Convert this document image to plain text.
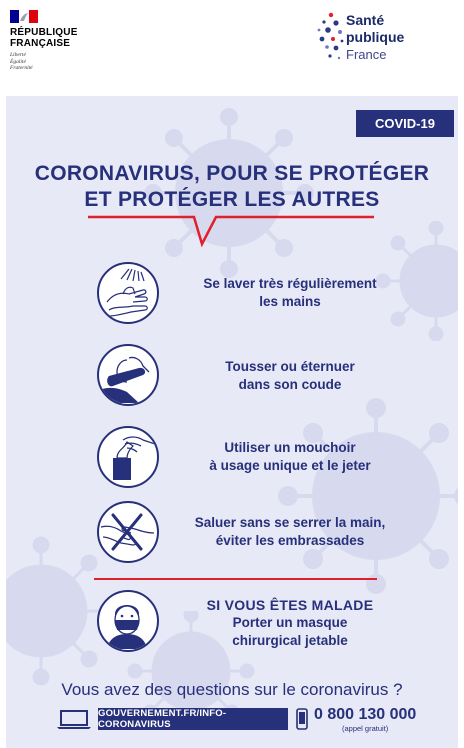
RÉPUBLIQUE
FRANÇAISE
Liberté
Égalité
Fraternité
Santé
publique
France
COVID-19
CORONAVIRUS, POUR SE PROTÉGER
ET PROTÉGER LES AUTRES
Se laver très régulièrement
les mains
Tousser ou éternuer
dans son coude
Utiliser un mouchoir
à usage unique et le jeter
Saluer sans se serrer la main,
éviter les embrassades
SI VOUS ÊTES MALADE
Porter un masque
chirurgical jetable
Vous avez des questions sur le coronavirus ?
GOUVERNEMENT.FR/INFO-CORONAVIRUS
0 800 130 000
(appel gratuit)
